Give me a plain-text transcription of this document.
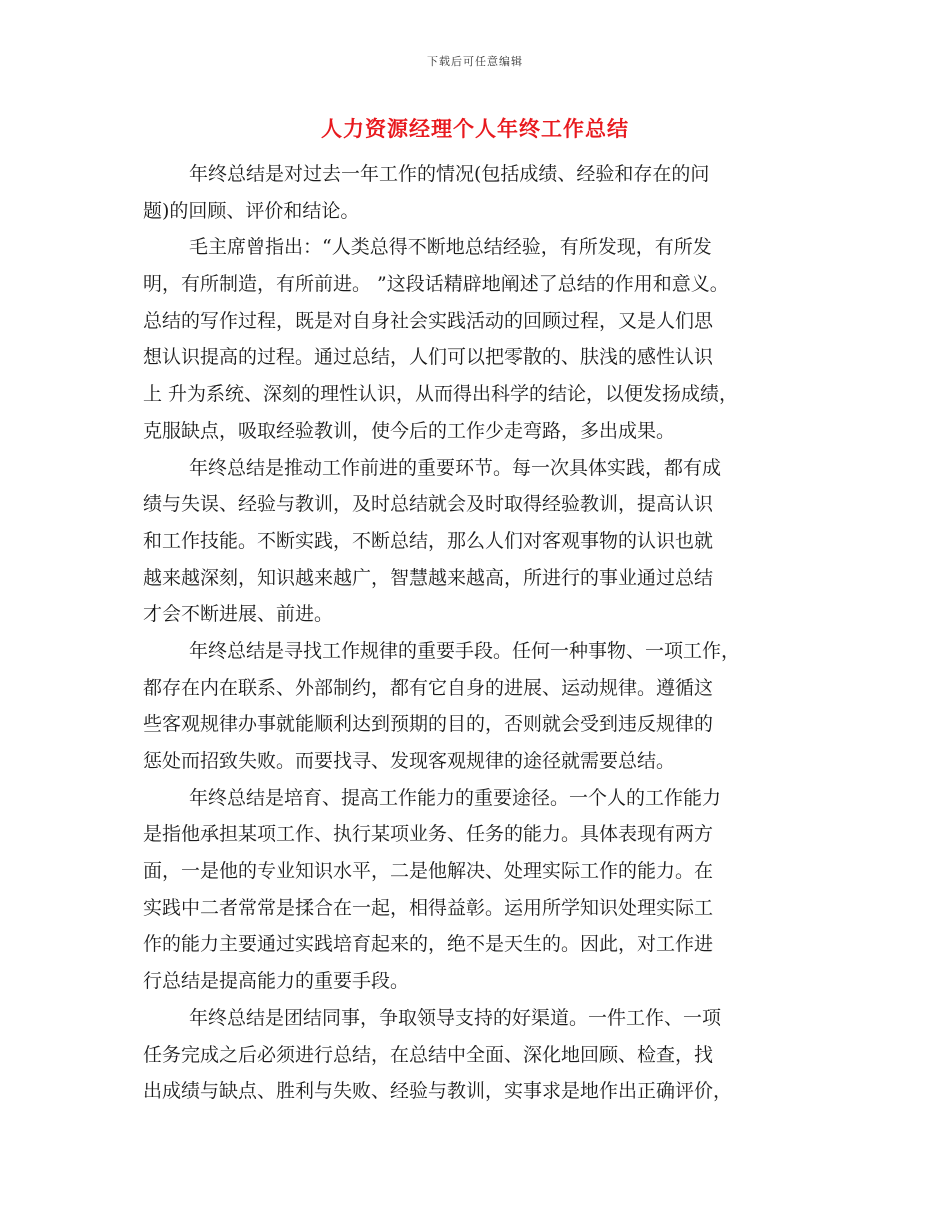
下载后可任意编辑
人力资源经理个人年终工作总结
年终总结是对过去一年工作的情况(包括成绩、经验和存在的问
题)的回顾、评价和结论。
毛主席曾指出：“人类总得不断地总结经验，有所发现，有所发
明，有所制造，有所前进。 ”这段话精辟地阐述了总结的作用和意义。
总结的写作过程，既是对自身社会实践活动的回顾过程，又是人们思
想认识提高的过程。通过总结，人们可以把零散的、肤浅的感性认识
上 升为系统、深刻的理性认识，从而得出科学的结论，以便发扬成绩，
克服缺点，吸取经验教训，使今后的工作少走弯路，多出成果。
年终总结是推动工作前进的重要环节。每一次具体实践，都有成
绩与失误、经验与教训，及时总结就会及时取得经验教训，提高认识
和工作技能。不断实践，不断总结，那么人们对客观事物的认识也就
越来越深刻，知识越来越广，智慧越来越高，所进行的事业通过总结
才会不断进展、前进。
年终总结是寻找工作规律的重要手段。任何一种事物、一项工作，
都存在内在联系、外部制约，都有它自身的进展、运动规律。遵循这
些客观规律办事就能顺利达到预期的目的，否则就会受到违反规律的
惩处而招致失败。而要找寻、发现客观规律的途径就需要总结。
年终总结是培育、提高工作能力的重要途径。一个人的工作能力
是指他承担某项工作、执行某项业务、任务的能力。具体表现有两方
面，一是他的专业知识水平，二是他解决、处理实际工作的能力。在
实践中二者常常是揉合在一起，相得益彰。运用所学知识处理实际工
作的能力主要通过实践培育起来的，绝不是天生的。因此，对工作进
行总结是提高能力的重要手段。
年终总结是团结同事，争取领导支持的好渠道。一件工作、一项
任务完成之后必须进行总结，在总结中全面、深化地回顾、检查，找
出成绩与缺点、胜利与失败、经验与教训，实事求是地作出正确评价，
